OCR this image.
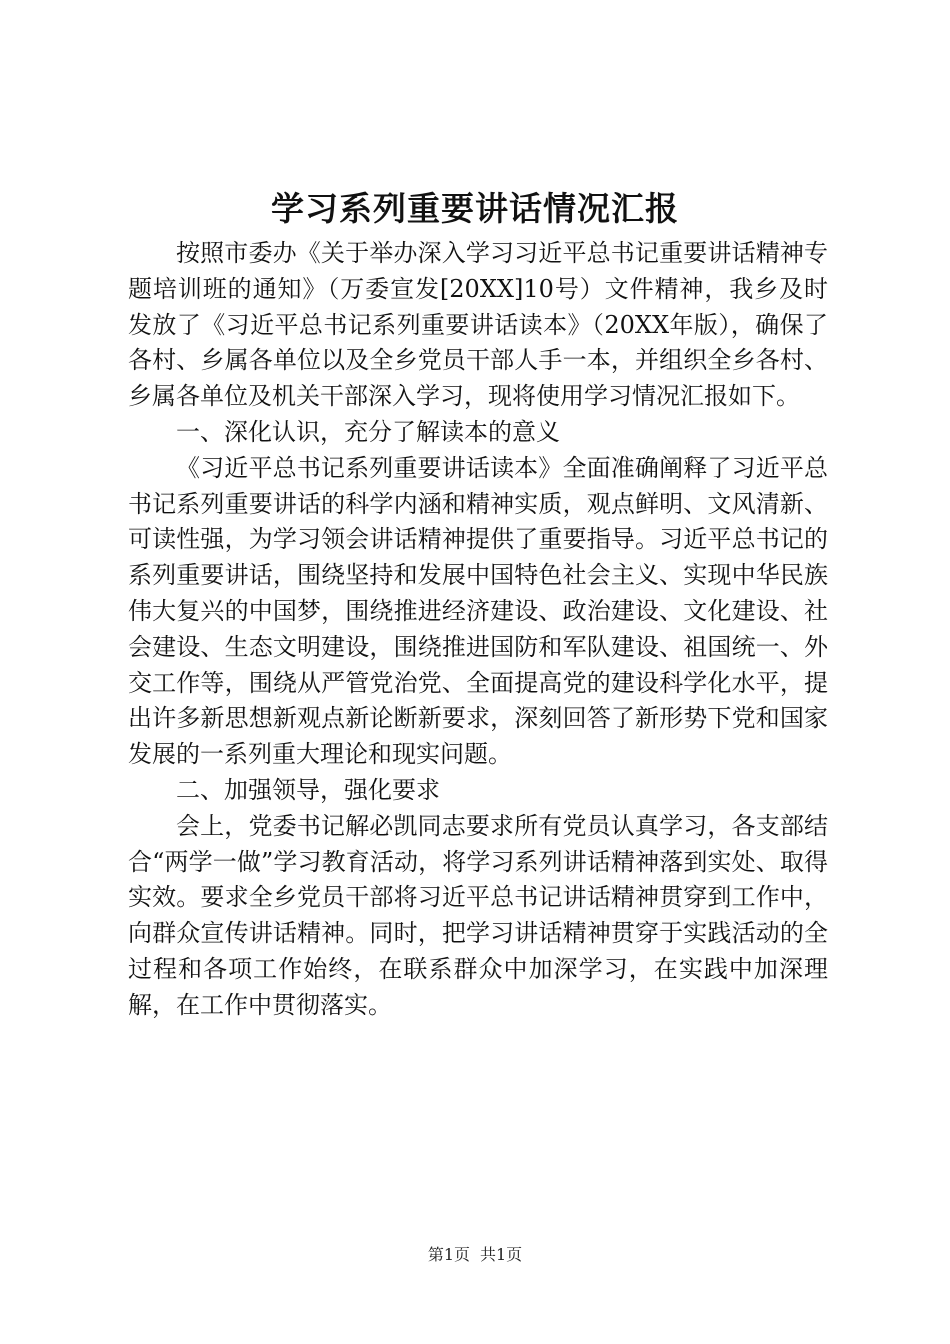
学习系列重要讲话情况汇报

按照市委办《关于举办深入学习习近平总书记重要讲话精神专题培训班的通知》（万委宣发[20XX]10号）文件精神，我乡及时发放了《习近平总书记系列重要讲话读本》（20XX年版），确保了各村、乡属各单位以及全乡党员干部人手一本，并组织全乡各村、乡属各单位及机关干部深入学习，现将使用学习情况汇报如下。

一、深化认识，充分了解读本的意义

《习近平总书记系列重要讲话读本》全面准确阐释了习近平总书记系列重要讲话的科学内涵和精神实质，观点鲜明、文风清新、可读性强，为学习领会讲话精神提供了重要指导。习近平总书记的系列重要讲话，围绕坚持和发展中国特色社会主义、实现中华民族伟大复兴的中国梦，围绕推进经济建设、政治建设、文化建设、社会建设、生态文明建设，围绕推进国防和军队建设、祖国统一、外交工作等，围绕从严管党治党、全面提高党的建设科学化水平，提出许多新思想新观点新论断新要求，深刻回答了新形势下党和国家发展的一系列重大理论和现实问题。

二、加强领导，强化要求

会上，党委书记解必凯同志要求所有党员认真学习，各支部结合“两学一做”学习教育活动，将学习系列讲话精神落到实处、取得实效。要求全乡党员干部将习近平总书记讲话精神贯穿到工作中，向群众宣传讲话精神。同时，把学习讲话精神贯穿于实践活动的全过程和各项工作始终，在联系群众中加深学习，在实践中加深理解，在工作中贯彻落实。

第1页 共1页
